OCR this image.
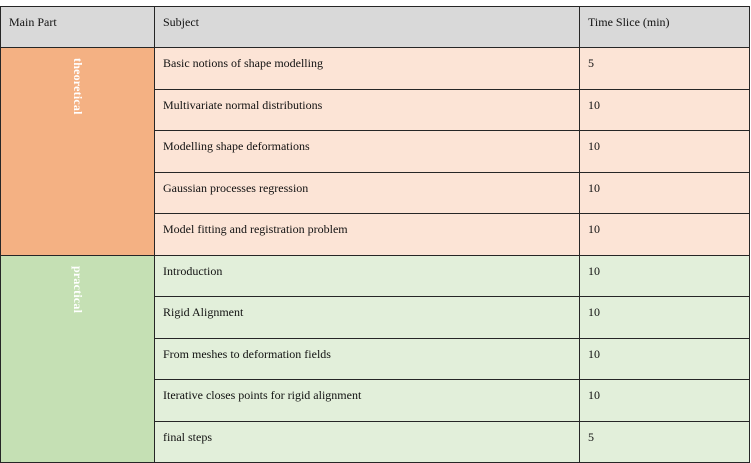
Main Part	Subject	Time Slice (min)

theoretical	Basic notions of shape modelling	5
	Multivariate normal distributions	10
	Modelling shape deformations	10
	Gaussian processes regression	10
	Model fitting and registration problem	10

practical	Introduction	10
	Rigid Alignment	10
	From meshes to deformation fields	10
	Iterative closes points for rigid alignment	10
	final steps	5
